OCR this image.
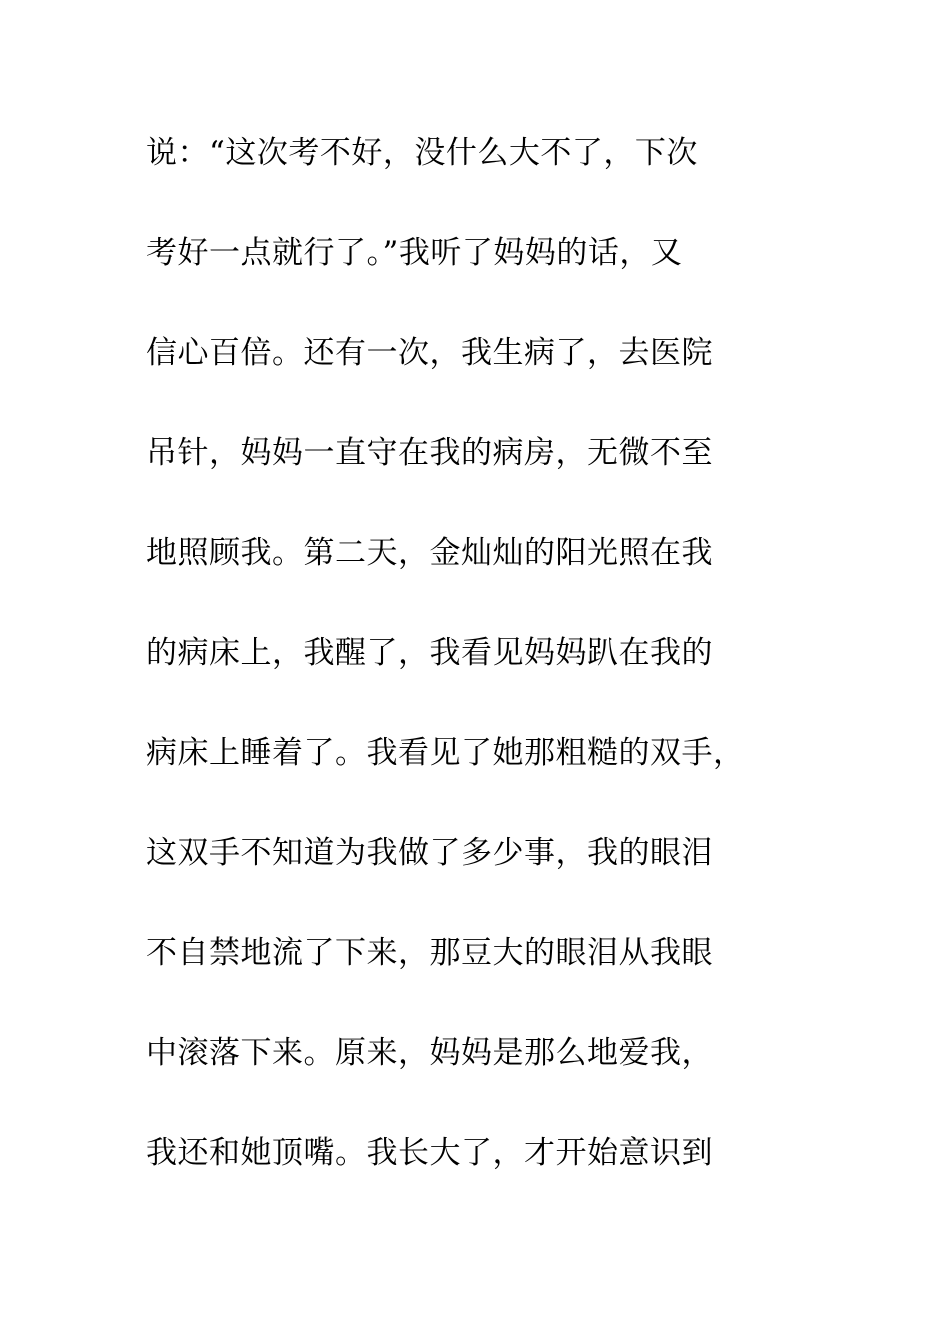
说：“这次考不好，没什么大不了，下次
考好一点就行了。”我听了妈妈的话，又
信心百倍。还有一次，我生病了，去医院
吊针，妈妈一直守在我的病房，无微不至
地照顾我。第二天，金灿灿的阳光照在我
的病床上，我醒了，我看见妈妈趴在我的
病床上睡着了。我看见了她那粗糙的双手，
这双手不知道为我做了多少事，我的眼泪
不自禁地流了下来，那豆大的眼泪从我眼
中滚落下来。原来，妈妈是那么地爱我，
我还和她顶嘴。我长大了，才开始意识到
